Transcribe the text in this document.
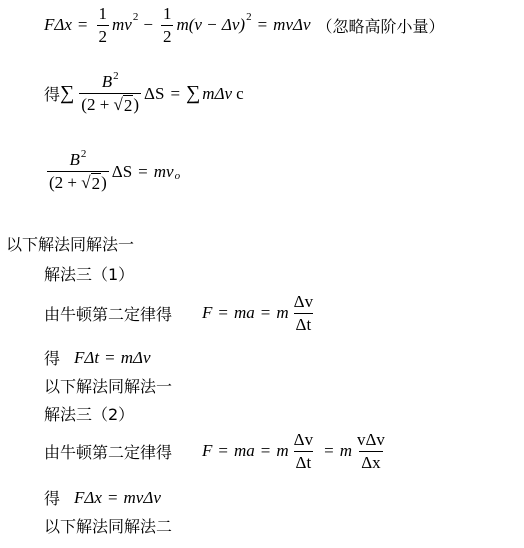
$F\Delta x = \frac{1}{2}$ mv $2 - \frac{1}{2} m(v - \Delta v) 2 = mv\Delta v$ （忽略高阶小量）
得 ∑ $\frac{B^2}{(2 + √ 2 )}$ ΔS = ∑ mΔv c
$\frac{B^2}{(2 + √ 2 )}$ ΔS = mv o
以下解法同解法一
解法三（1）
由牛顿第二定律得 F = ma = m $\frac{\Delta v}{\Delta t}$
得 FΔt = mΔv
以下解法同解法一
解法三（2）
由牛顿第二定律得 F = ma = m $\frac{\Delta v}{\Delta t} = m \frac{\text{vΔv}}{\Delta x}$
得 FΔx = mvΔv
以下解法同解法二
